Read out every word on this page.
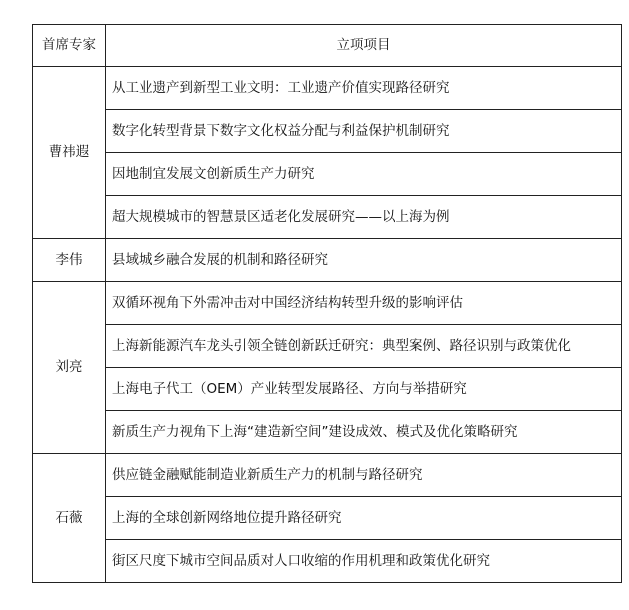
首席专家	立项项目
曹祎遐	从工业遗产到新型工业文明：工业遗产价值实现路径研究
	数字化转型背景下数字文化权益分配与利益保护机制研究
	因地制宜发展文创新质生产力研究
	超大规模城市的智慧景区适老化发展研究——以上海为例
李伟	县域城乡融合发展的机制和路径研究
刘亮	双循环视角下外需冲击对中国经济结构转型升级的影响评估
	上海新能源汽车龙头引领全链创新跃迁研究：典型案例、路径识别与政策优化
	上海电子代工（OEM）产业转型发展路径、方向与举措研究
	新质生产力视角下上海“建造新空间”建设成效、模式及优化策略研究
石薇	供应链金融赋能制造业新质生产力的机制与路径研究
	上海的全球创新网络地位提升路径研究
	街区尺度下城市空间品质对人口收缩的作用机理和政策优化研究
